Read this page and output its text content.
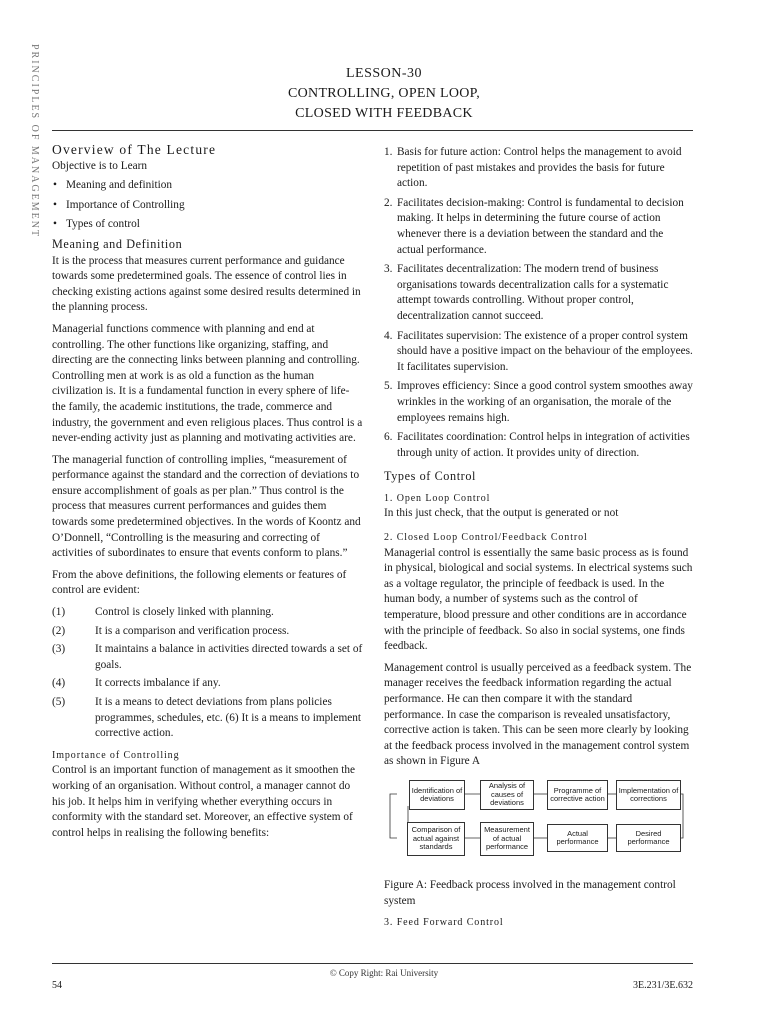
PRINCIPLES OF MANAGEMENT	LESSON-30
CONTROLLING, OPEN LOOP,
CLOSED WITH FEEDBACK
Overview of The Lecture
Objective is to Learn
• Meaning and definition
• Importance of Controlling
• Types of control
Meaning and Definition

It is the process that measures current performance and guidance towards some predetermined goals. The essence of control lies in checking existing actions against some desired results determined in the planning process.

Managerial functions commence with planning and end at controlling. The other functions like organizing, staffing, and directing are the connecting links between planning and controlling. Controlling men at work is as old a function as the human civilization is. It is a fundamental function in every sphere of life-the family, the academic institutions, the trade, commerce and industry, the government and even religious places. Thus control is a never-ending activity just as planning and motivating activities are.

The managerial function of controlling implies, “measurement of performance against the standard and the correction of deviations to ensure accomplishment of goals as per plan.” Thus control is the process that measures current performances and guides them towards some predetermined objectives. In the words of Koontz and O’Donnell, “Controlling is the measuring and correcting of activities of subordinates to ensure that events conform to plans.”

From the above definitions, the following elements or features of control are evident:

(1)	Control is closely linked with planning.
(2)	It is a comparison and verification process.
(3)	It maintains a balance in activities directed towards a set of goals.
(4)	It corrects imbalance if any.
(5)	It is a means to detect deviations from plans policies programmes, schedules, etc. (6) It is a means to implement corrective action.
Importance of Controlling

Control is an important function of management as it smoothen the working of an organisation. Without control, a manager cannot do his job. It helps him in verifying whether everything occurs in conformity with the standard set. Moreover, an effective system of control helps in realising the following benefits:

1. Basis for future action: Control helps the management to avoid repetition of past mistakes and provides the basis for future action.
2. Facilitates decision-making: Control is fundamental to decision making. It helps in determining the future course of action whenever there is a deviation between the standard and the actual performance.
3. Facilitates decentralization: The modern trend of business organisations towards decentralization calls for a systematic attempt towards controlling. Without proper control, decentralization cannot succeed.
4. Facilitates supervision: The existence of a proper control system should have a positive impact on the behaviour of the employees. It facilitates supervision.
5. Improves efficiency: Since a good control system smoothes away wrinkles in the working of an organisation, the morale of the employees remains high.
6. Facilitates coordination: Control helps in integration of activities through unity of action. It provides unity of direction.
Types of Control
1. Open Loop Control

In this just check, that the output is generated or not

2. Closed Loop Control/Feedback Control

Managerial control is essentially the same basic process as is found in physical, biological and social systems. In electrical systems such as a voltage regulator, the principle of feedback is used. In the human body, a number of systems such as the control of temperature, blood pressure and other conditions are in accordance with the principle of feedback. So also in social systems, one finds feedback.

Management control is usually perceived as a feedback system. The manager receives the feedback information regarding the actual performance. He can then compare it with the standard performance. In case the comparison is revealed unsatisfactory, corrective action is taken. This can be seen more clearly by looking at the feedback process involved in the management control system as shown in Figure A

Identification of deviations
Analysis of causes of deviations
Programme of corrective action
Implementation of corrections
Comparison of actual against standards
Measurement of actual performance
Actual performance
Desired performance

Figure A: Feedback process involved in the management control system

3. Feed Forward Control
© Copy Right: Rai University
54	3E.231/3E.632
